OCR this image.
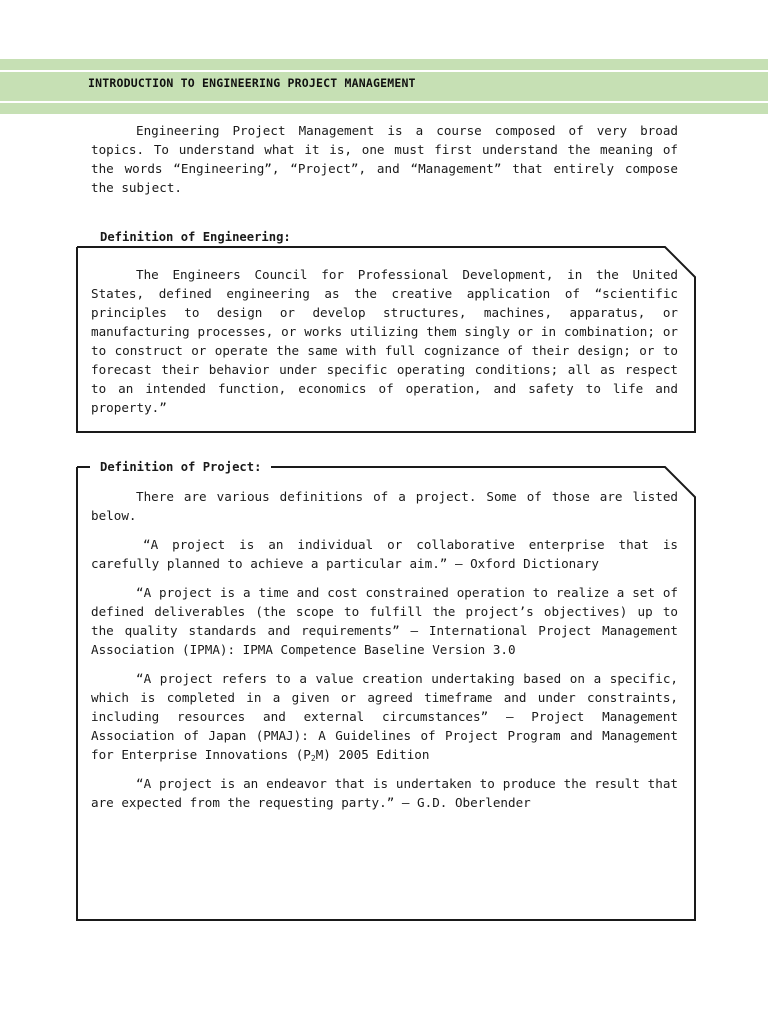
INTRODUCTION TO ENGINEERING PROJECT MANAGEMENT

Engineering Project Management is a course composed of very broad topics. To understand what it is, one must first understand the meaning of the words “Engineering”, “Project”, and “Management” that entirely compose the subject.

Definition of Engineering:

The Engineers Council for Professional Development, in the United States, defined engineering as the creative application of “scientific principles to design or develop structures, machines, apparatus, or manufacturing processes, or works utilizing them singly or in combination; or to construct or operate the same with full cognizance of their design; or to forecast their behavior under specific operating conditions; all as respect to an intended function, economics of operation, and safety to life and property.”

Definition of Project:

There are various definitions of a project. Some of those are listed below.

“A project is an individual or collaborative enterprise that is carefully planned to achieve a particular aim.” – Oxford Dictionary

“A project is a time and cost constrained operation to realize a set of defined deliverables (the scope to fulfill the project’s objectives) up to the quality standards and requirements” – International Project Management Association (IPMA): IPMA Competence Baseline Version 3.0

“A project refers to a value creation undertaking based on a specific, which is completed in a given or agreed timeframe and under constraints, including resources and external circumstances” – Project Management Association of Japan (PMAJ): A Guidelines of Project Program and Management for Enterprise Innovations $(P_2M)$ 2005 Edition

“A project is an endeavor that is undertaken to produce the result that are expected from the requesting party.” – G.D. Oberlender
